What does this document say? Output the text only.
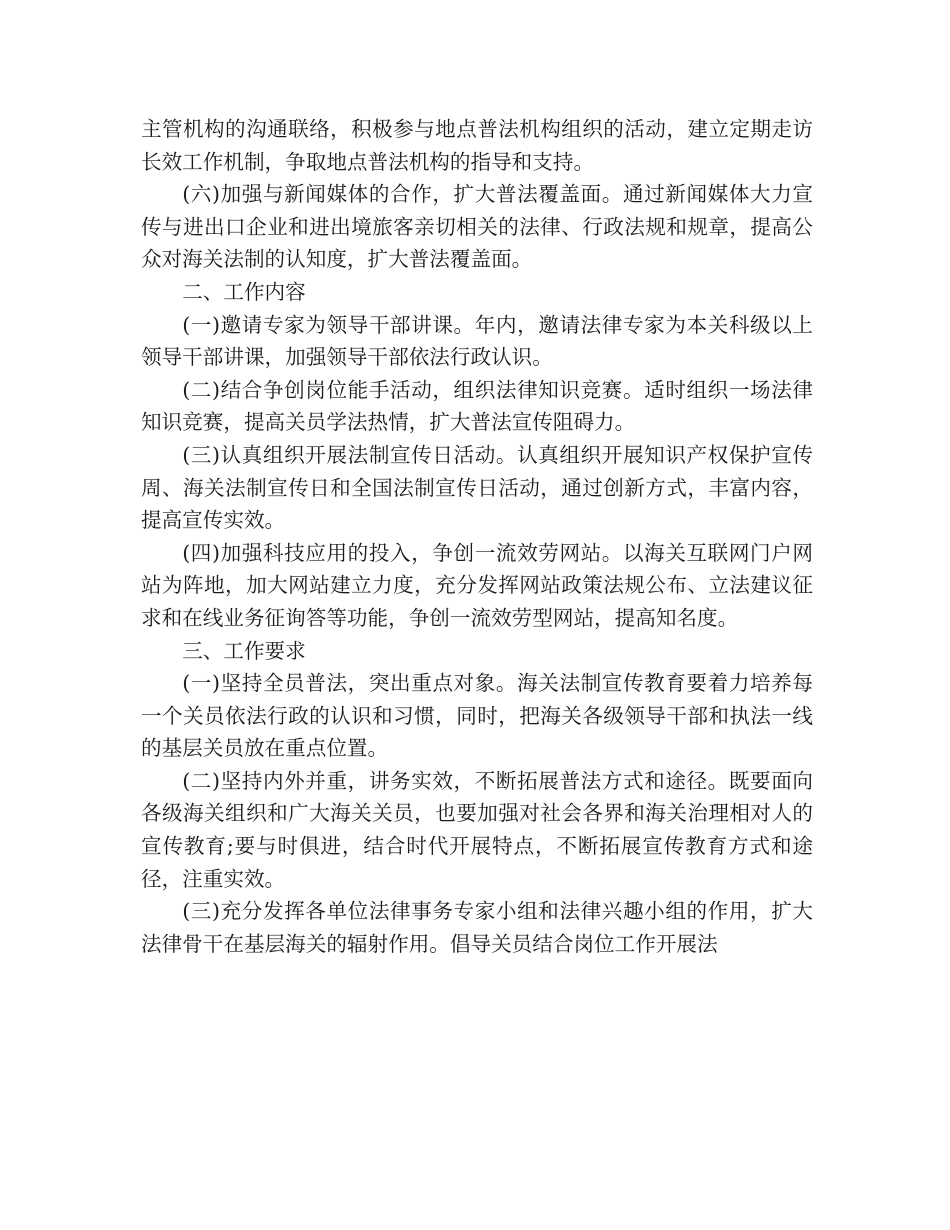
主管机构的沟通联络，积极参与地点普法机构组织的活动，建立定期走访长效工作机制，争取地点普法机构的指导和支持。

(六)加强与新闻媒体的合作，扩大普法覆盖面。通过新闻媒体大力宣传与进出口企业和进出境旅客亲切相关的法律、行政法规和规章，提高公众对海关法制的认知度，扩大普法覆盖面。

二、工作内容

(一)邀请专家为领导干部讲课。年内，邀请法律专家为本关科级以上领导干部讲课，加强领导干部依法行政认识。

(二)结合争创岗位能手活动，组织法律知识竞赛。适时组织一场法律知识竞赛，提高关员学法热情，扩大普法宣传阻碍力。

(三)认真组织开展法制宣传日活动。认真组织开展知识产权保护宣传周、海关法制宣传日和全国法制宣传日活动，通过创新方式，丰富内容，提高宣传实效。

(四)加强科技应用的投入，争创一流效劳网站。以海关互联网门户网站为阵地，加大网站建立力度，充分发挥网站政策法规公布、立法建议征求和在线业务征询答等功能，争创一流效劳型网站，提高知名度。

三、工作要求

(一)坚持全员普法，突出重点对象。海关法制宣传教育要着力培养每一个关员依法行政的认识和习惯，同时，把海关各级领导干部和执法一线的基层关员放在重点位置。

(二)坚持内外并重，讲务实效，不断拓展普法方式和途径。既要面向各级海关组织和广大海关关员，也要加强对社会各界和海关治理相对人的宣传教育;要与时俱进，结合时代开展特点，不断拓展宣传教育方式和途径，注重实效。

(三)充分发挥各单位法律事务专家小组和法律兴趣小组的作用，扩大法律骨干在基层海关的辐射作用。倡导关员结合岗位工作开展法
